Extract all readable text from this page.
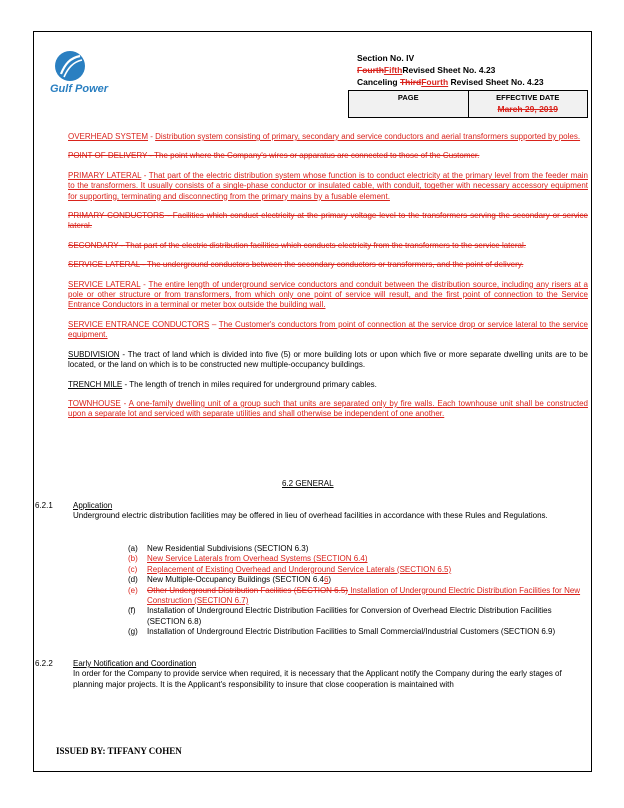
Gulf Power
Section No. IV
FourthFifthRevised Sheet No. 4.23
Canceling ThirdFourth Revised Sheet No. 4.23
PAGE	EFFECTIVE DATE
March 29, 2019

OVERHEAD SYSTEM - Distribution system consisting of primary, secondary and service conductors and aerial transformers supported by poles.

POINT OF DELIVERY - The point where the Company's wires or apparatus are connected to those of the Customer.

PRIMARY LATERAL - That part of the electric distribution system whose function is to conduct electricity at the primary level from the feeder main to the transformers. It usually consists of a single-phase conductor or insulated cable, with conduit, together with necessary accessory equipment for supporting, terminating and disconnecting from the primary mains by a fusable element.

PRIMARY CONDUCTORS - Facilities which conduct electricity at the primary voltage level to the transformers serving the secondary or service lateral.

SECONDARY - That part of the electric distribution facilities which conducts electricity from the transformers to the service lateral.

SERVICE LATERAL - The underground conductors between the secondary conductors or transformers, and the point of delivery.

SERVICE LATERAL - The entire length of underground service conductors and conduit between the distribution source, including any risers at a pole or other structure or from transformers, from which only one point of service will result, and the first point of connection to the Service Entrance Conductors in a terminal or meter box outside the building wall.

SERVICE ENTRANCE CONDUCTORS – The Customer's conductors from point of connection at the service drop or service lateral to the service equipment.

SUBDIVISION - The tract of land which is divided into five (5) or more building lots or upon which five or more separate dwelling units are to be located, or the land on which is to be constructed new multiple-occupancy buildings.

TRENCH MILE - The length of trench in miles required for underground primary cables.

TOWNHOUSE - A one-family dwelling unit of a group such that units are separated only by fire walls. Each townhouse unit shall be constructed upon a separate lot and serviced with separate utilities and shall otherwise be independent of one another.

6.2 GENERAL
6.2.1	Application
Underground electric distribution facilities may be offered in lieu of overhead facilities in accordance with these Rules and Regulations.
(a)	New Residential Subdivisions (SECTION 6.3)
(b)	New Service Laterals from Overhead Systems (SECTION 6.4)
(c)	Replacement of Existing Overhead and Underground Service Laterals (SECTION 6.5)
(d)	New Multiple-Occupancy Buildings (SECTION 6.46)
(e)	Other Underground Distribution Facilities (SECTION 6.5) Installation of Underground Electric Distribution Facilities for New Construction (SECTION 6.7)
(f)	Installation of Underground Electric Distribution Facilities for Conversion of Overhead Electric Distribution Facilities (SECTION 6.8)
(g)	Installation of Underground Electric Distribution Facilities to Small Commercial/Industrial Customers (SECTION 6.9)
6.2.2	Early Notification and Coordination
In order for the Company to provide service when required, it is necessary that the Applicant notify the Company during the early stages of planning major projects. It is the Applicant's responsibility to insure that close cooperation is maintained with
ISSUED BY: TIFFANY COHEN
